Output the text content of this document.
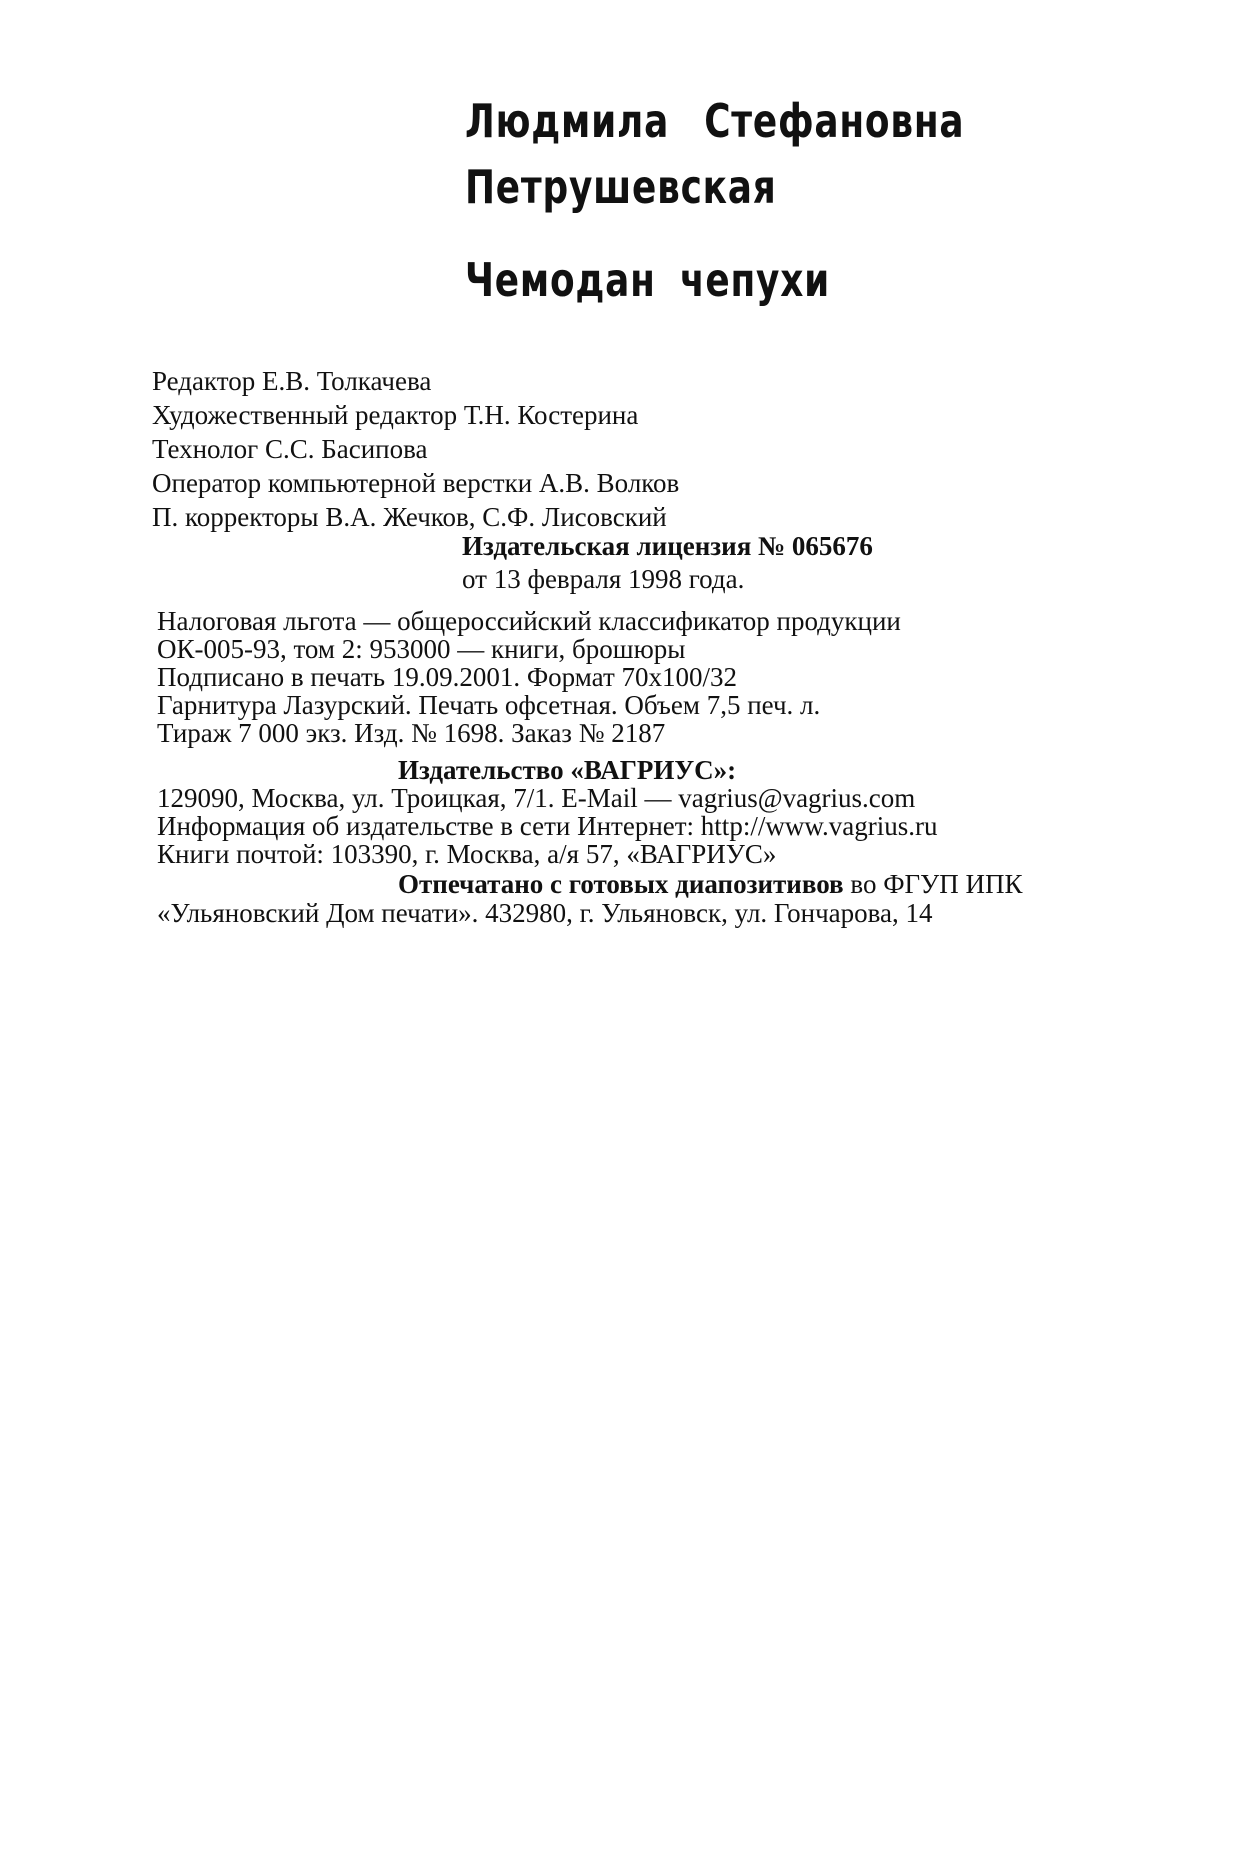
Людмила Стефановна
Петрушевская
Чемодан чепухи
Редактор Е.В. Толкачева
Художественный редактор Т.Н. Костерина
Технолог С.С. Басипова
Оператор компьютерной верстки А.В. Волков
П. корректоры В.А. Жечков, С.Ф. Лисовский
Издательская лицензия № 065676
от 13 февраля 1998 года.
Налоговая льгота — общероссийский классификатор продукции
ОК-005-93, том 2: 953000 — книги, брошюры
Подписано в печать 19.09.2001. Формат 70х100/32
Гарнитура Лазурский. Печать офсетная. Объем 7,5 печ. л.
Тираж 7 000 экз. Изд. № 1698. Заказ № 2187
Издательство «ВАГРИУС»:
129090, Москва, ул. Троицкая, 7/1. E-Mail — vagrius@vagrius.com
Информация об издательстве в сети Интернет: http://www.vagrius.ru
Книги почтой: 103390, г. Москва, а/я 57, «ВАГРИУС»
Отпечатано с готовых диапозитивов во ФГУП ИПК
«Ульяновский Дом печати». 432980, г. Ульяновск, ул. Гончарова, 14
